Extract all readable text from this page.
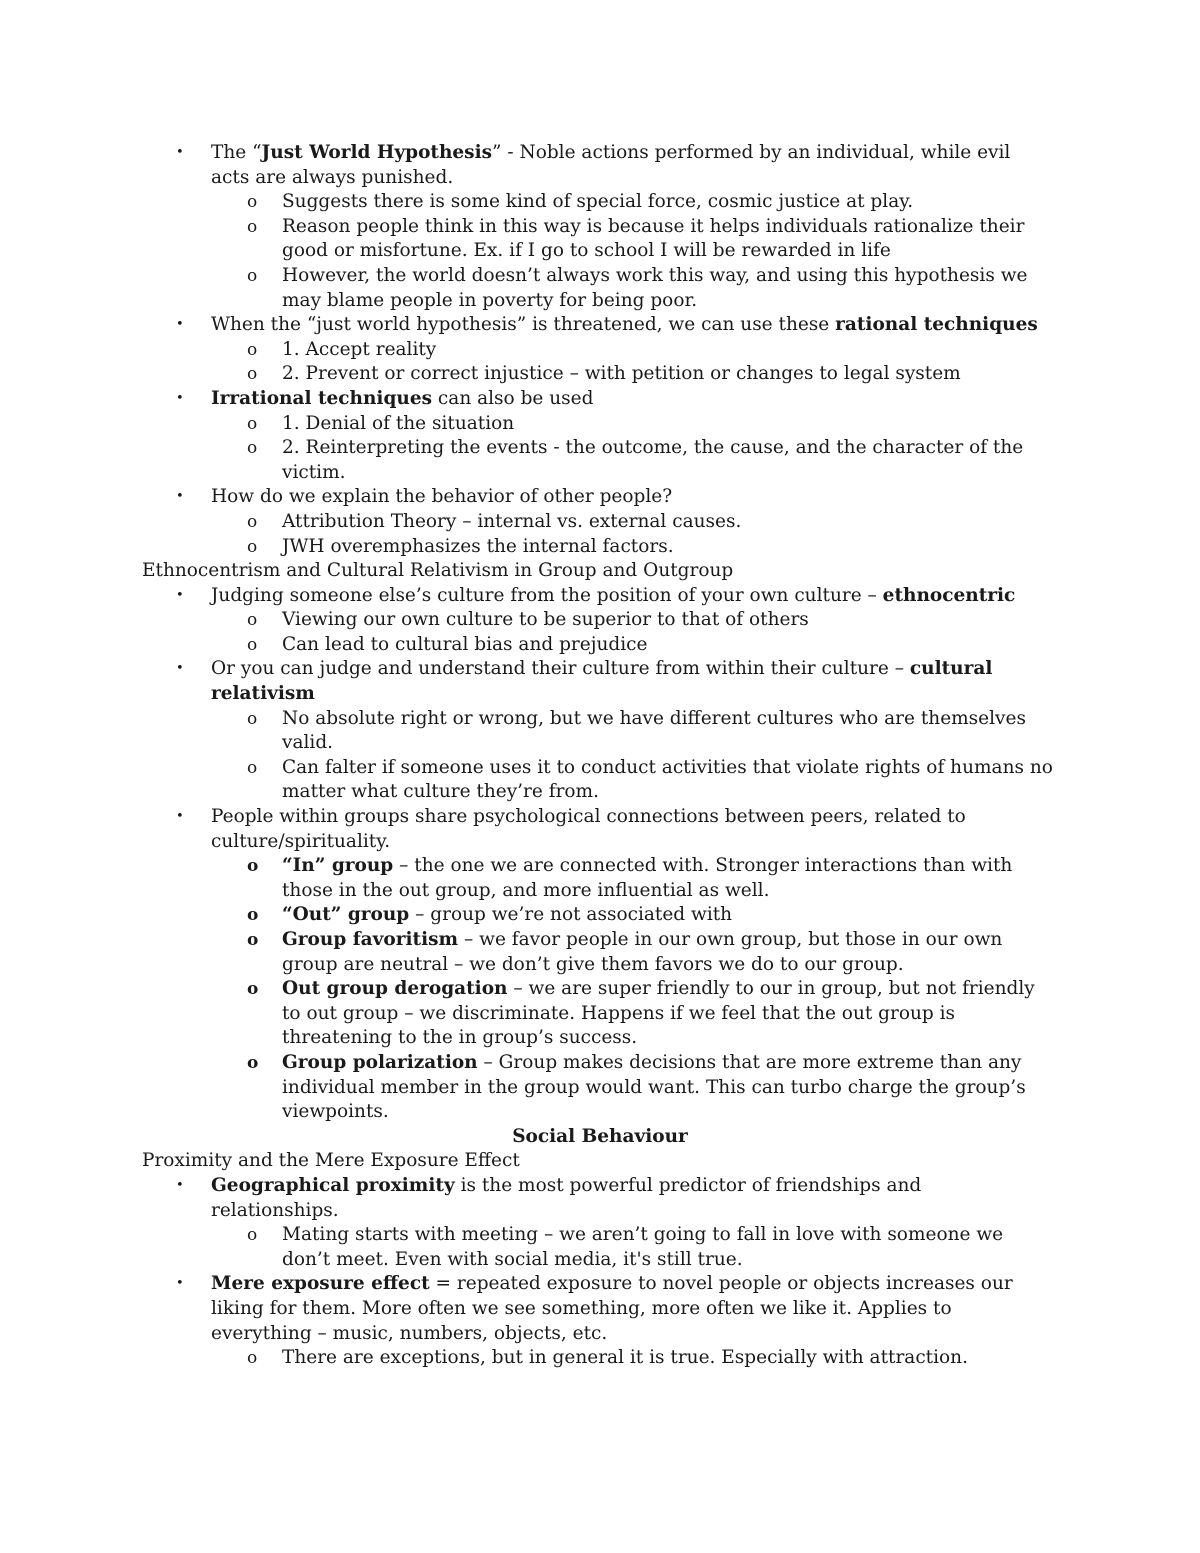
• The “Just World Hypothesis” - Noble actions performed by an individual, while evil
acts are always punished.
o Suggests there is some kind of special force, cosmic justice at play.
o Reason people think in this way is because it helps individuals rationalize their
good or misfortune. Ex. if I go to school I will be rewarded in life
o However, the world doesn’t always work this way, and using this hypothesis we
may blame people in poverty for being poor.
• When the “just world hypothesis” is threatened, we can use these rational techniques
o 1. Accept reality
o 2. Prevent or correct injustice – with petition or changes to legal system
• Irrational techniques can also be used
o 1. Denial of the situation
o 2. Reinterpreting the events - the outcome, the cause, and the character of the
victim.
• How do we explain the behavior of other people?
o Attribution Theory – internal vs. external causes.
o JWH overemphasizes the internal factors.
Ethnocentrism and Cultural Relativism in Group and Outgroup
• Judging someone else’s culture from the position of your own culture – ethnocentric
o Viewing our own culture to be superior to that of others
o Can lead to cultural bias and prejudice
• Or you can judge and understand their culture from within their culture – cultural
relativism
o No absolute right or wrong, but we have different cultures who are themselves
valid.
o Can falter if someone uses it to conduct activities that violate rights of humans no
matter what culture they’re from.
• People within groups share psychological connections between peers, related to
culture/spirituality.
o “In” group – the one we are connected with. Stronger interactions than with
those in the out group, and more influential as well.
o “Out” group – group we’re not associated with
o Group favoritism – we favor people in our own group, but those in our own
group are neutral – we don’t give them favors we do to our group.
o Out group derogation – we are super friendly to our in group, but not friendly
to out group – we discriminate. Happens if we feel that the out group is
threatening to the in group’s success.
o Group polarization – Group makes decisions that are more extreme than any
individual member in the group would want. This can turbo charge the group’s
viewpoints.
Social Behaviour
Proximity and the Mere Exposure Effect
• Geographical proximity is the most powerful predictor of friendships and
relationships.
o Mating starts with meeting – we aren’t going to fall in love with someone we
don’t meet. Even with social media, it's still true.
• Mere exposure effect = repeated exposure to novel people or objects increases our
liking for them. More often we see something, more often we like it. Applies to
everything – music, numbers, objects, etc.
o There are exceptions, but in general it is true. Especially with attraction.
